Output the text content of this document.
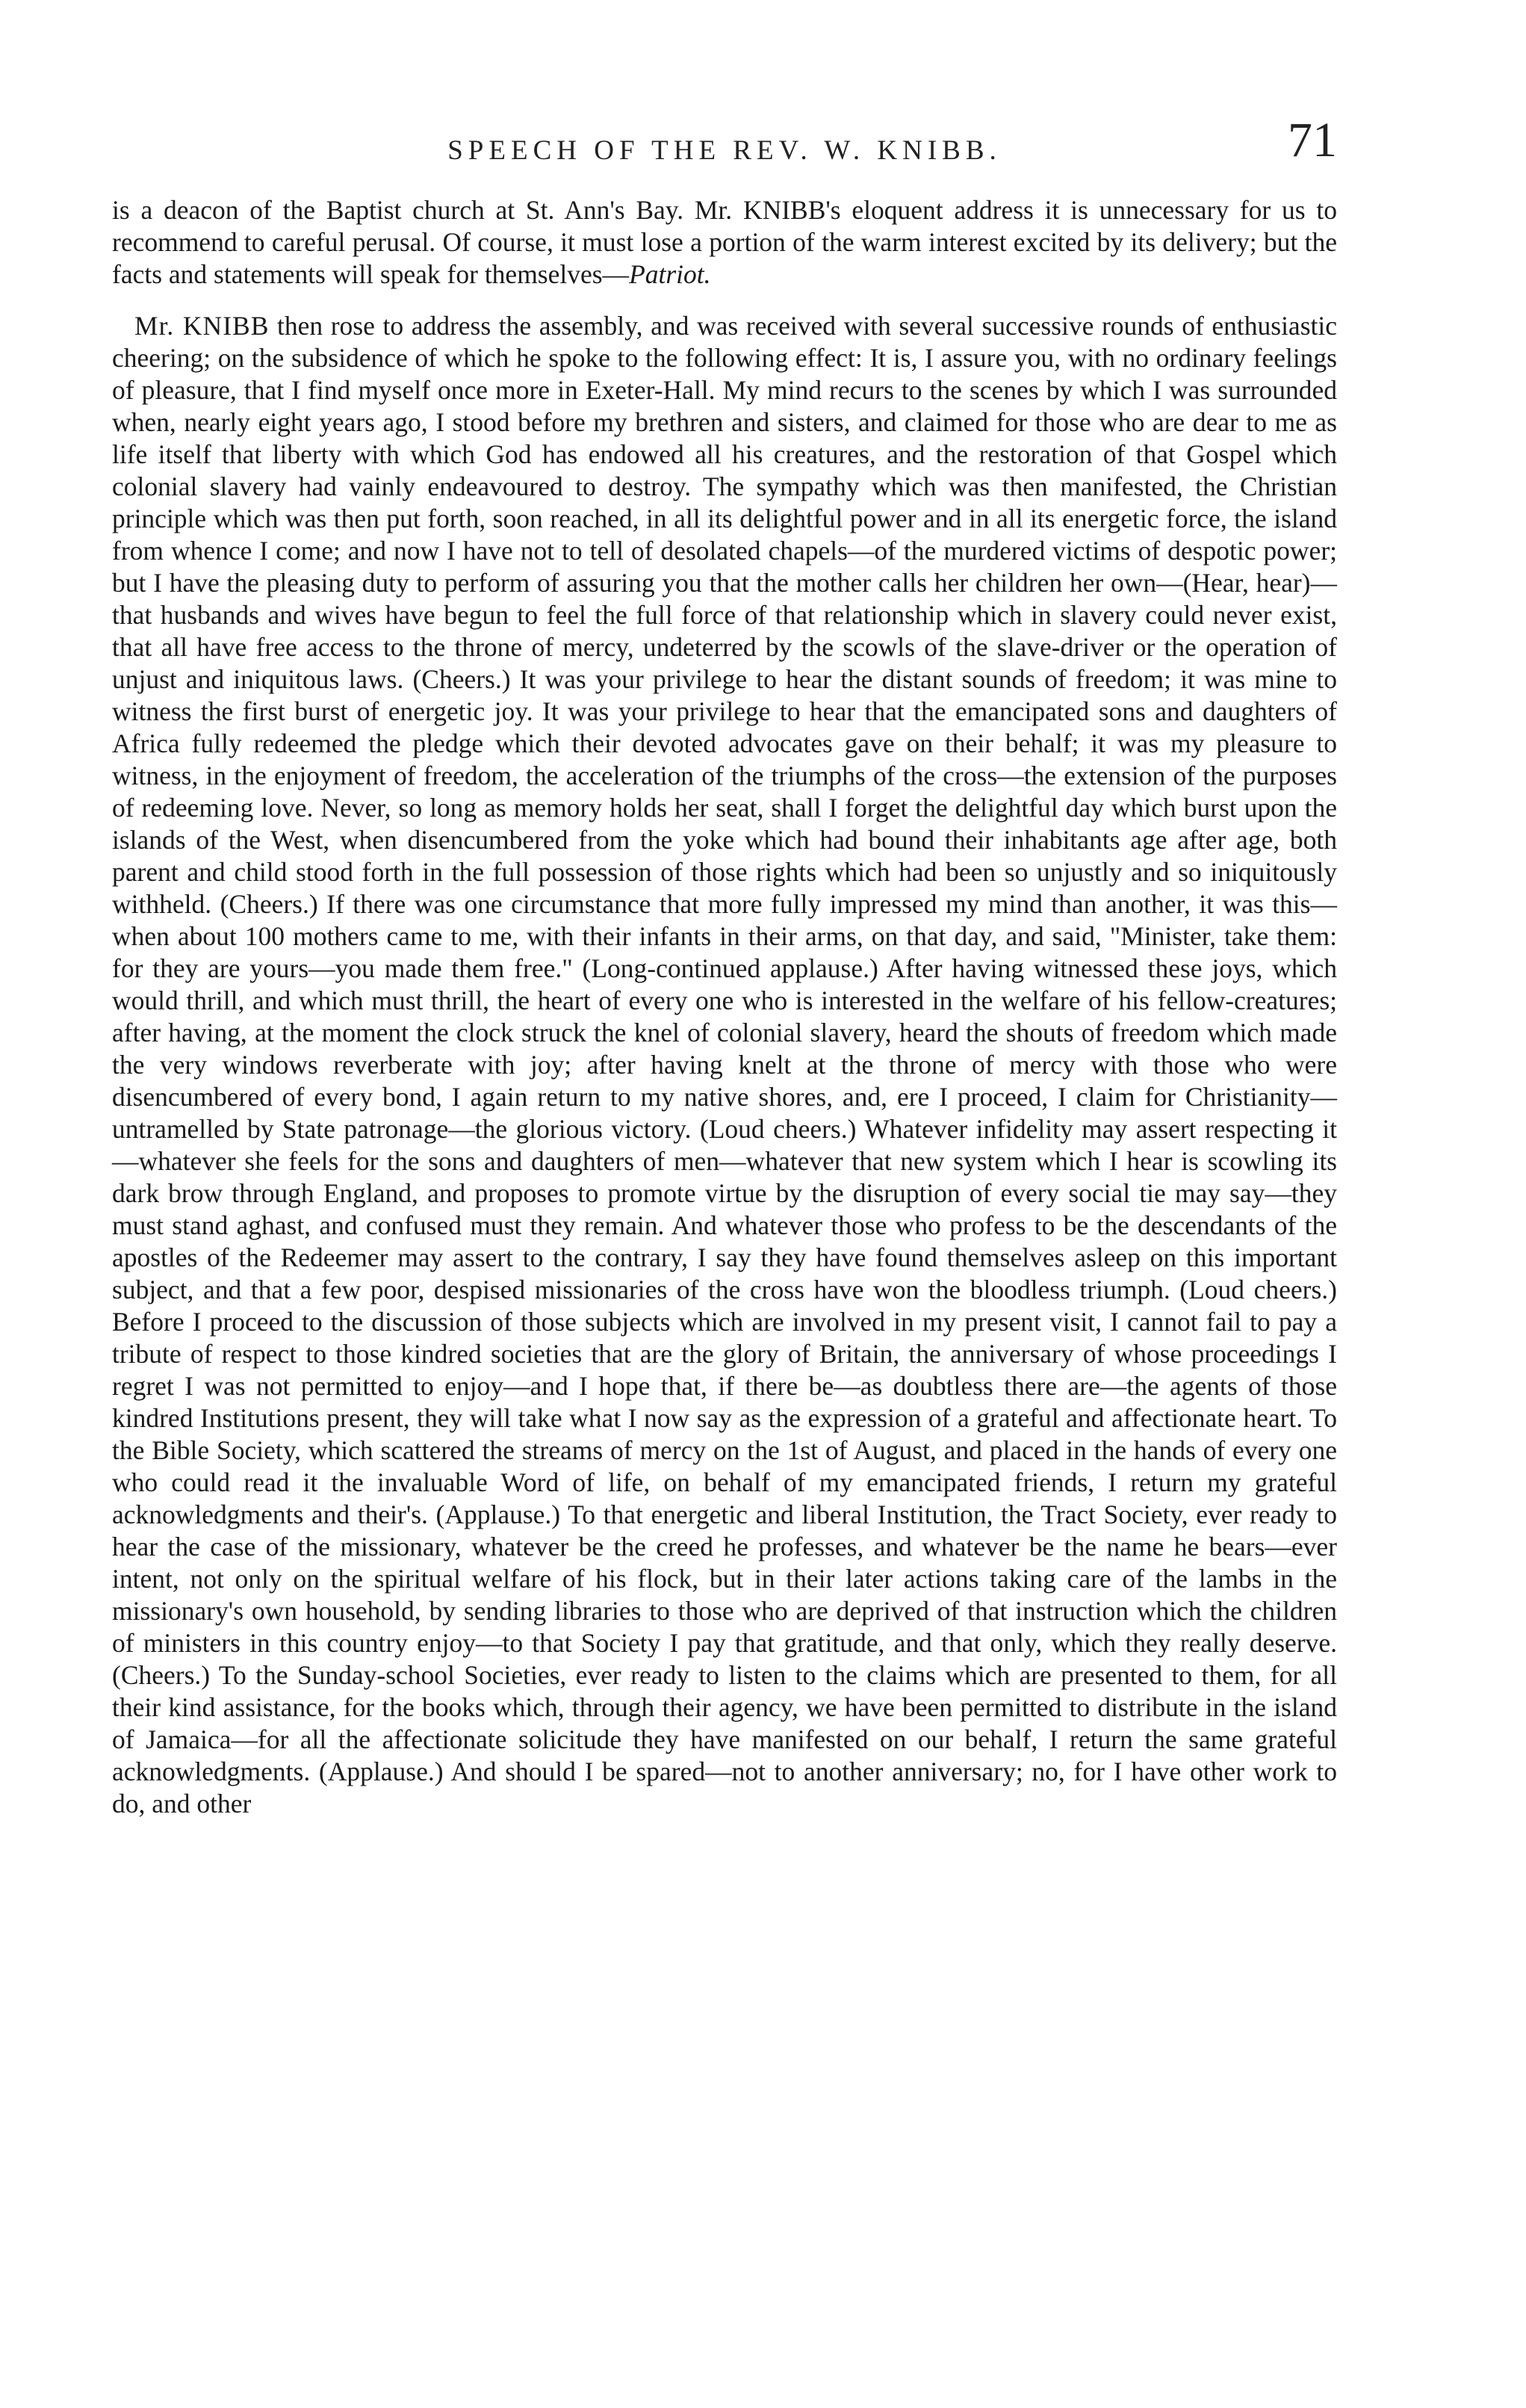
SPEECH OF THE REV. W. KNIBB.	71

is a deacon of the Baptist church at St. Ann's Bay. Mr. KNIBB's eloquent address it is unnecessary for us to recommend to careful perusal. Of course, it must lose a portion of the warm interest excited by its delivery; but the facts and statements will speak for themselves—Patriot.

Mr. KNIBB then rose to address the assembly, and was received with several successive rounds of enthusiastic cheering; on the subsidence of which he spoke to the following effect: It is, I assure you, with no ordinary feelings of pleasure, that I find myself once more in Exeter-Hall. My mind recurs to the scenes by which I was surrounded when, nearly eight years ago, I stood before my brethren and sisters, and claimed for those who are dear to me as life itself that liberty with which God has endowed all his creatures, and the restoration of that Gospel which colonial slavery had vainly endeavoured to destroy. The sympathy which was then manifested, the Christian principle which was then put forth, soon reached, in all its delightful power and in all its energetic force, the island from whence I come; and now I have not to tell of desolated chapels—of the murdered victims of despotic power; but I have the pleasing duty to perform of assuring you that the mother calls her children her own—(Hear, hear)—that husbands and wives have begun to feel the full force of that relationship which in slavery could never exist, that all have free access to the throne of mercy, undeterred by the scowls of the slave-driver or the operation of unjust and iniquitous laws. (Cheers.) It was your privilege to hear the distant sounds of freedom; it was mine to witness the first burst of energetic joy. It was your privilege to hear that the emancipated sons and daughters of Africa fully redeemed the pledge which their devoted advocates gave on their behalf; it was my pleasure to witness, in the enjoyment of freedom, the acceleration of the triumphs of the cross—the extension of the purposes of redeeming love. Never, so long as memory holds her seat, shall I forget the delightful day which burst upon the islands of the West, when disencumbered from the yoke which had bound their inhabitants age after age, both parent and child stood forth in the full possession of those rights which had been so unjustly and so iniquitously withheld. (Cheers.) If there was one circumstance that more fully impressed my mind than another, it was this—when about 100 mothers came to me, with their infants in their arms, on that day, and said, "Minister, take them: for they are yours—you made them free." (Long-continued applause.) After having witnessed these joys, which would thrill, and which must thrill, the heart of every one who is interested in the welfare of his fellow-creatures; after having, at the moment the clock struck the knel of colonial slavery, heard the shouts of freedom which made the very windows reverberate with joy; after having knelt at the throne of mercy with those who were disencumbered of every bond, I again return to my native shores, and, ere I proceed, I claim for Christianity—untramelled by State patronage—the glorious victory. (Loud cheers.) Whatever infidelity may assert respecting it—whatever she feels for the sons and daughters of men—whatever that new system which I hear is scowling its dark brow through England, and proposes to promote virtue by the disruption of every social tie may say—they must stand aghast, and confused must they remain. And whatever those who profess to be the descendants of the apostles of the Redeemer may assert to the contrary, I say they have found themselves asleep on this important subject, and that a few poor, despised missionaries of the cross have won the bloodless triumph. (Loud cheers.) Before I proceed to the discussion of those subjects which are involved in my present visit, I cannot fail to pay a tribute of respect to those kindred societies that are the glory of Britain, the anniversary of whose proceedings I regret I was not permitted to enjoy—and I hope that, if there be—as doubtless there are—the agents of those kindred Institutions present, they will take what I now say as the expression of a grateful and affectionate heart. To the Bible Society, which scattered the streams of mercy on the 1st of August, and placed in the hands of every one who could read it the invaluable Word of life, on behalf of my emancipated friends, I return my grateful acknowledgments and their's. (Applause.) To that energetic and liberal Institution, the Tract Society, ever ready to hear the case of the missionary, whatever be the creed he professes, and whatever be the name he bears—ever intent, not only on the spiritual welfare of his flock, but in their later actions taking care of the lambs in the missionary's own household, by sending libraries to those who are deprived of that instruction which the children of ministers in this country enjoy—to that Society I pay that gratitude, and that only, which they really deserve. (Cheers.) To the Sunday-school Societies, ever ready to listen to the claims which are presented to them, for all their kind assistance, for the books which, through their agency, we have been permitted to distribute in the island of Jamaica—for all the affectionate solicitude they have manifested on our behalf, I return the same grateful acknowledgments. (Applause.) And should I be spared—not to another anniversary; no, for I have other work to do, and other
